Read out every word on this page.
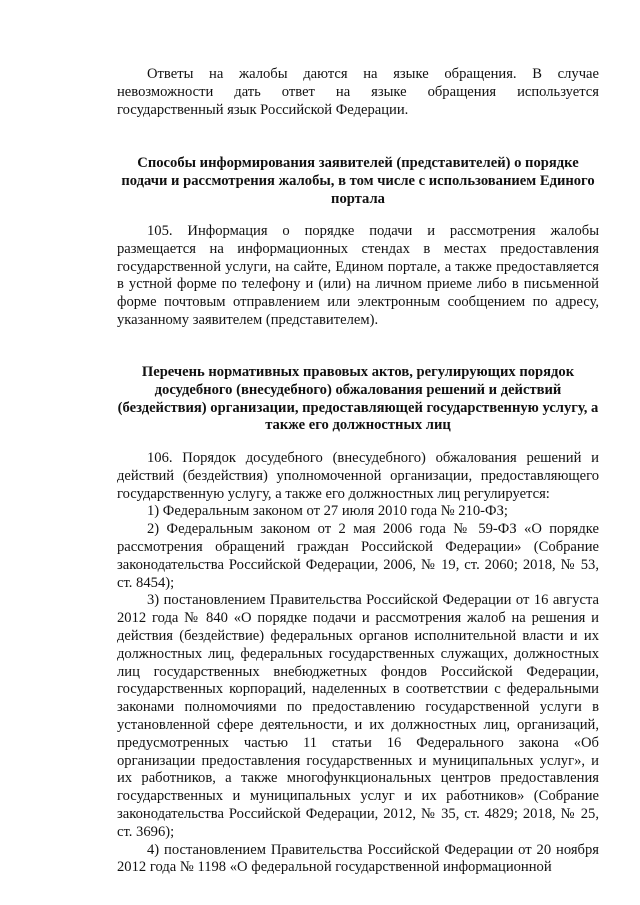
Ответы на жалобы даются на языке обращения. В случае невозможности дать ответ на языке обращения используется государственный язык Российской Федерации.

Способы информирования заявителей (представителей) о порядке подачи и рассмотрения жалобы, в том числе с использованием Единого портала

105. Информация о порядке подачи и рассмотрения жалобы размещается на информационных стендах в местах предоставления государственной услуги, на сайте, Едином портале, а также предоставляется в устной форме по телефону и (или) на личном приеме либо в письменной форме почтовым отправлением или электронным сообщением по адресу, указанному заявителем (представителем).

Перечень нормативных правовых актов, регулирующих порядок досудебного (внесудебного) обжалования решений и действий (бездействия) организации, предоставляющей государственную услугу, а также его должностных лиц

106. Порядок досудебного (внесудебного) обжалования решений и действий (бездействия) уполномоченной организации, предоставляющего государственную услугу, а также его должностных лиц регулируется:

1) Федеральным законом от 27 июля 2010 года № 210-ФЗ;

2) Федеральным законом от 2 мая 2006 года № 59-ФЗ «О порядке рассмотрения обращений граждан Российской Федерации» (Собрание законодательства Российской Федерации, 2006, № 19, ст. 2060; 2018, № 53, ст. 8454);

3) постановлением Правительства Российской Федерации от 16 августа 2012 года № 840 «О порядке подачи и рассмотрения жалоб на решения и действия (бездействие) федеральных органов исполнительной власти и их должностных лиц, федеральных государственных служащих, должностных лиц государственных внебюджетных фондов Российской Федерации, государственных корпораций, наделенных в соответствии с федеральными законами полномочиями по предоставлению государственной услуги в установленной сфере деятельности, и их должностных лиц, организаций, предусмотренных частью 11 статьи 16 Федерального закона «Об организации предоставления государственных и муниципальных услуг», и их работников, а также многофункциональных центров предоставления государственных и муниципальных услуг и их работников» (Собрание законодательства Российской Федерации, 2012, № 35, ст. 4829; 2018, № 25, ст. 3696);

4) постановлением Правительства Российской Федерации от 20 ноября 2012 года № 1198 «О федеральной государственной информационной
